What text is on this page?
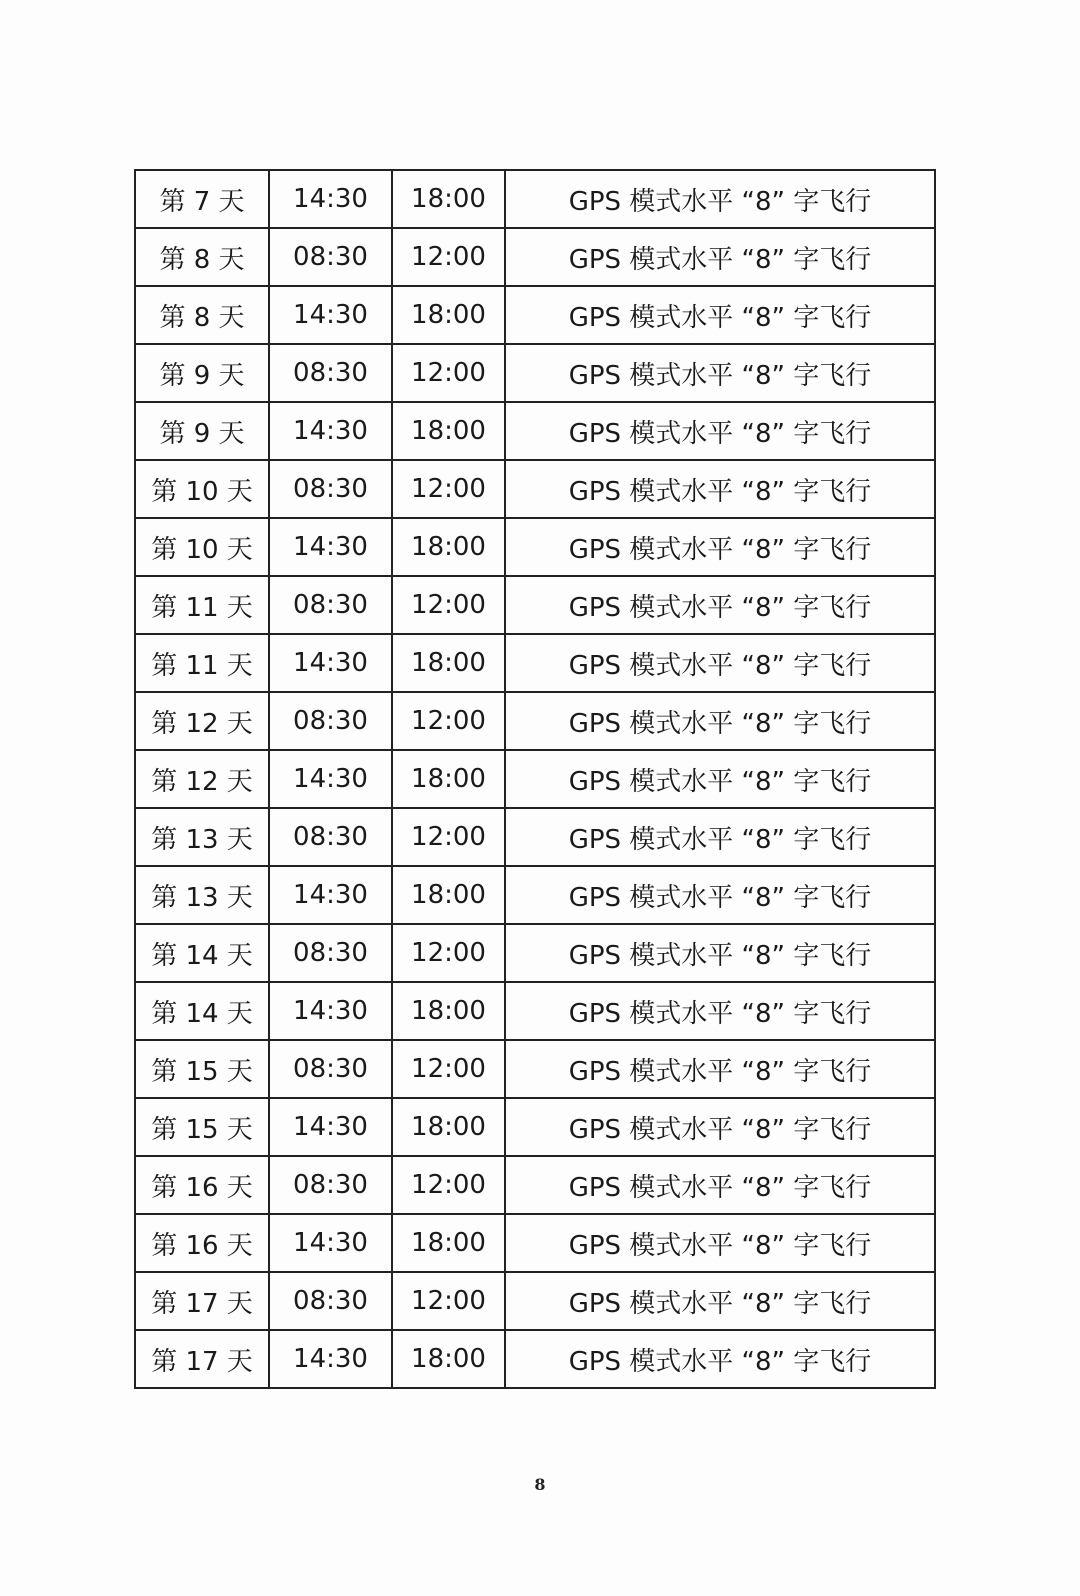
第 7 天	14:30	18:00	GPS 模式水平 “8” 字飞行
第 8 天	08:30	12:00	GPS 模式水平 “8” 字飞行
第 8 天	14:30	18:00	GPS 模式水平 “8” 字飞行
第 9 天	08:30	12:00	GPS 模式水平 “8” 字飞行
第 9 天	14:30	18:00	GPS 模式水平 “8” 字飞行
第 10 天	08:30	12:00	GPS 模式水平 “8” 字飞行
第 10 天	14:30	18:00	GPS 模式水平 “8” 字飞行
第 11 天	08:30	12:00	GPS 模式水平 “8” 字飞行
第 11 天	14:30	18:00	GPS 模式水平 “8” 字飞行
第 12 天	08:30	12:00	GPS 模式水平 “8” 字飞行
第 12 天	14:30	18:00	GPS 模式水平 “8” 字飞行
第 13 天	08:30	12:00	GPS 模式水平 “8” 字飞行
第 13 天	14:30	18:00	GPS 模式水平 “8” 字飞行
第 14 天	08:30	12:00	GPS 模式水平 “8” 字飞行
第 14 天	14:30	18:00	GPS 模式水平 “8” 字飞行
第 15 天	08:30	12:00	GPS 模式水平 “8” 字飞行
第 15 天	14:30	18:00	GPS 模式水平 “8” 字飞行
第 16 天	08:30	12:00	GPS 模式水平 “8” 字飞行
第 16 天	14:30	18:00	GPS 模式水平 “8” 字飞行
第 17 天	08:30	12:00	GPS 模式水平 “8” 字飞行
第 17 天	14:30	18:00	GPS 模式水平 “8” 字飞行
8
